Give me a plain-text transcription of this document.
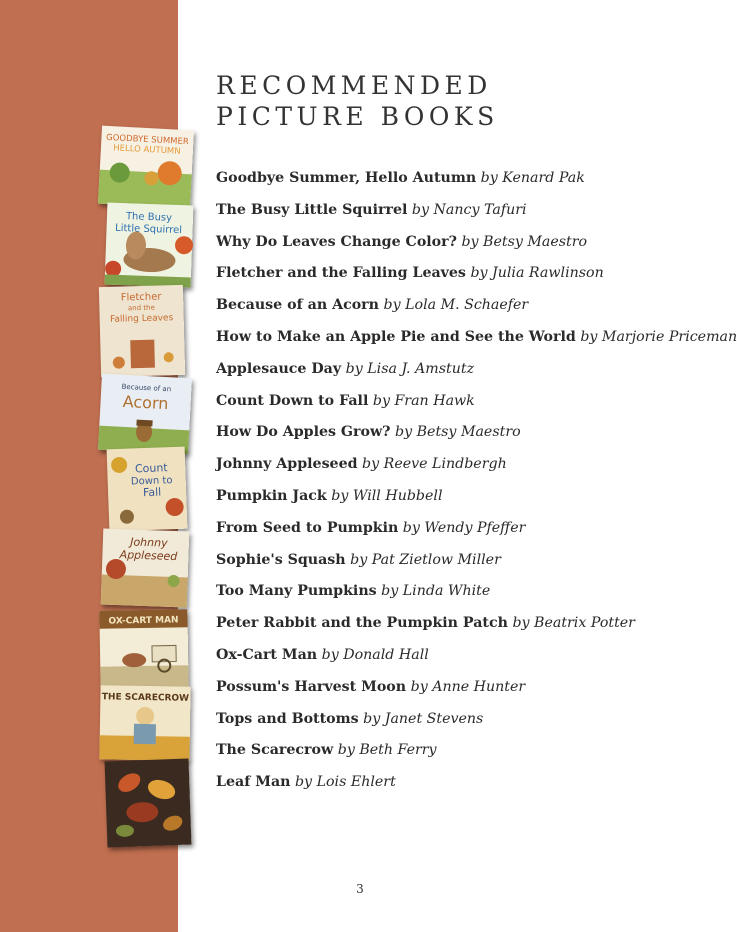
RECOMMENDED
PICTURE BOOKS
GOODBYE SUMMER
HELLO AUTUMN
The Busy
Little Squirrel
Fletcher
and the
Falling Leaves
Because of an
Acorn
Count
Down to
Fall
Johnny
Appleseed
OX-CART MAN
THE SCARECROW
Goodbye Summer, Hello Autumn by Kenard Pak
The Busy Little Squirrel by Nancy Tafuri
Why Do Leaves Change Color? by Betsy Maestro
Fletcher and the Falling Leaves by Julia Rawlinson
Because of an Acorn by Lola M. Schaefer
How to Make an Apple Pie and See the World by Marjorie Priceman
Applesauce Day by Lisa J. Amstutz
Count Down to Fall by Fran Hawk
How Do Apples Grow? by Betsy Maestro
Johnny Appleseed by Reeve Lindbergh
Pumpkin Jack by Will Hubbell
From Seed to Pumpkin by Wendy Pfeffer
Sophie's Squash by Pat Zietlow Miller
Too Many Pumpkins by Linda White
Peter Rabbit and the Pumpkin Patch by Beatrix Potter
Ox-Cart Man by Donald Hall
Possum's Harvest Moon by Anne Hunter
Tops and Bottoms by Janet Stevens
The Scarecrow by Beth Ferry
Leaf Man by Lois Ehlert
3
